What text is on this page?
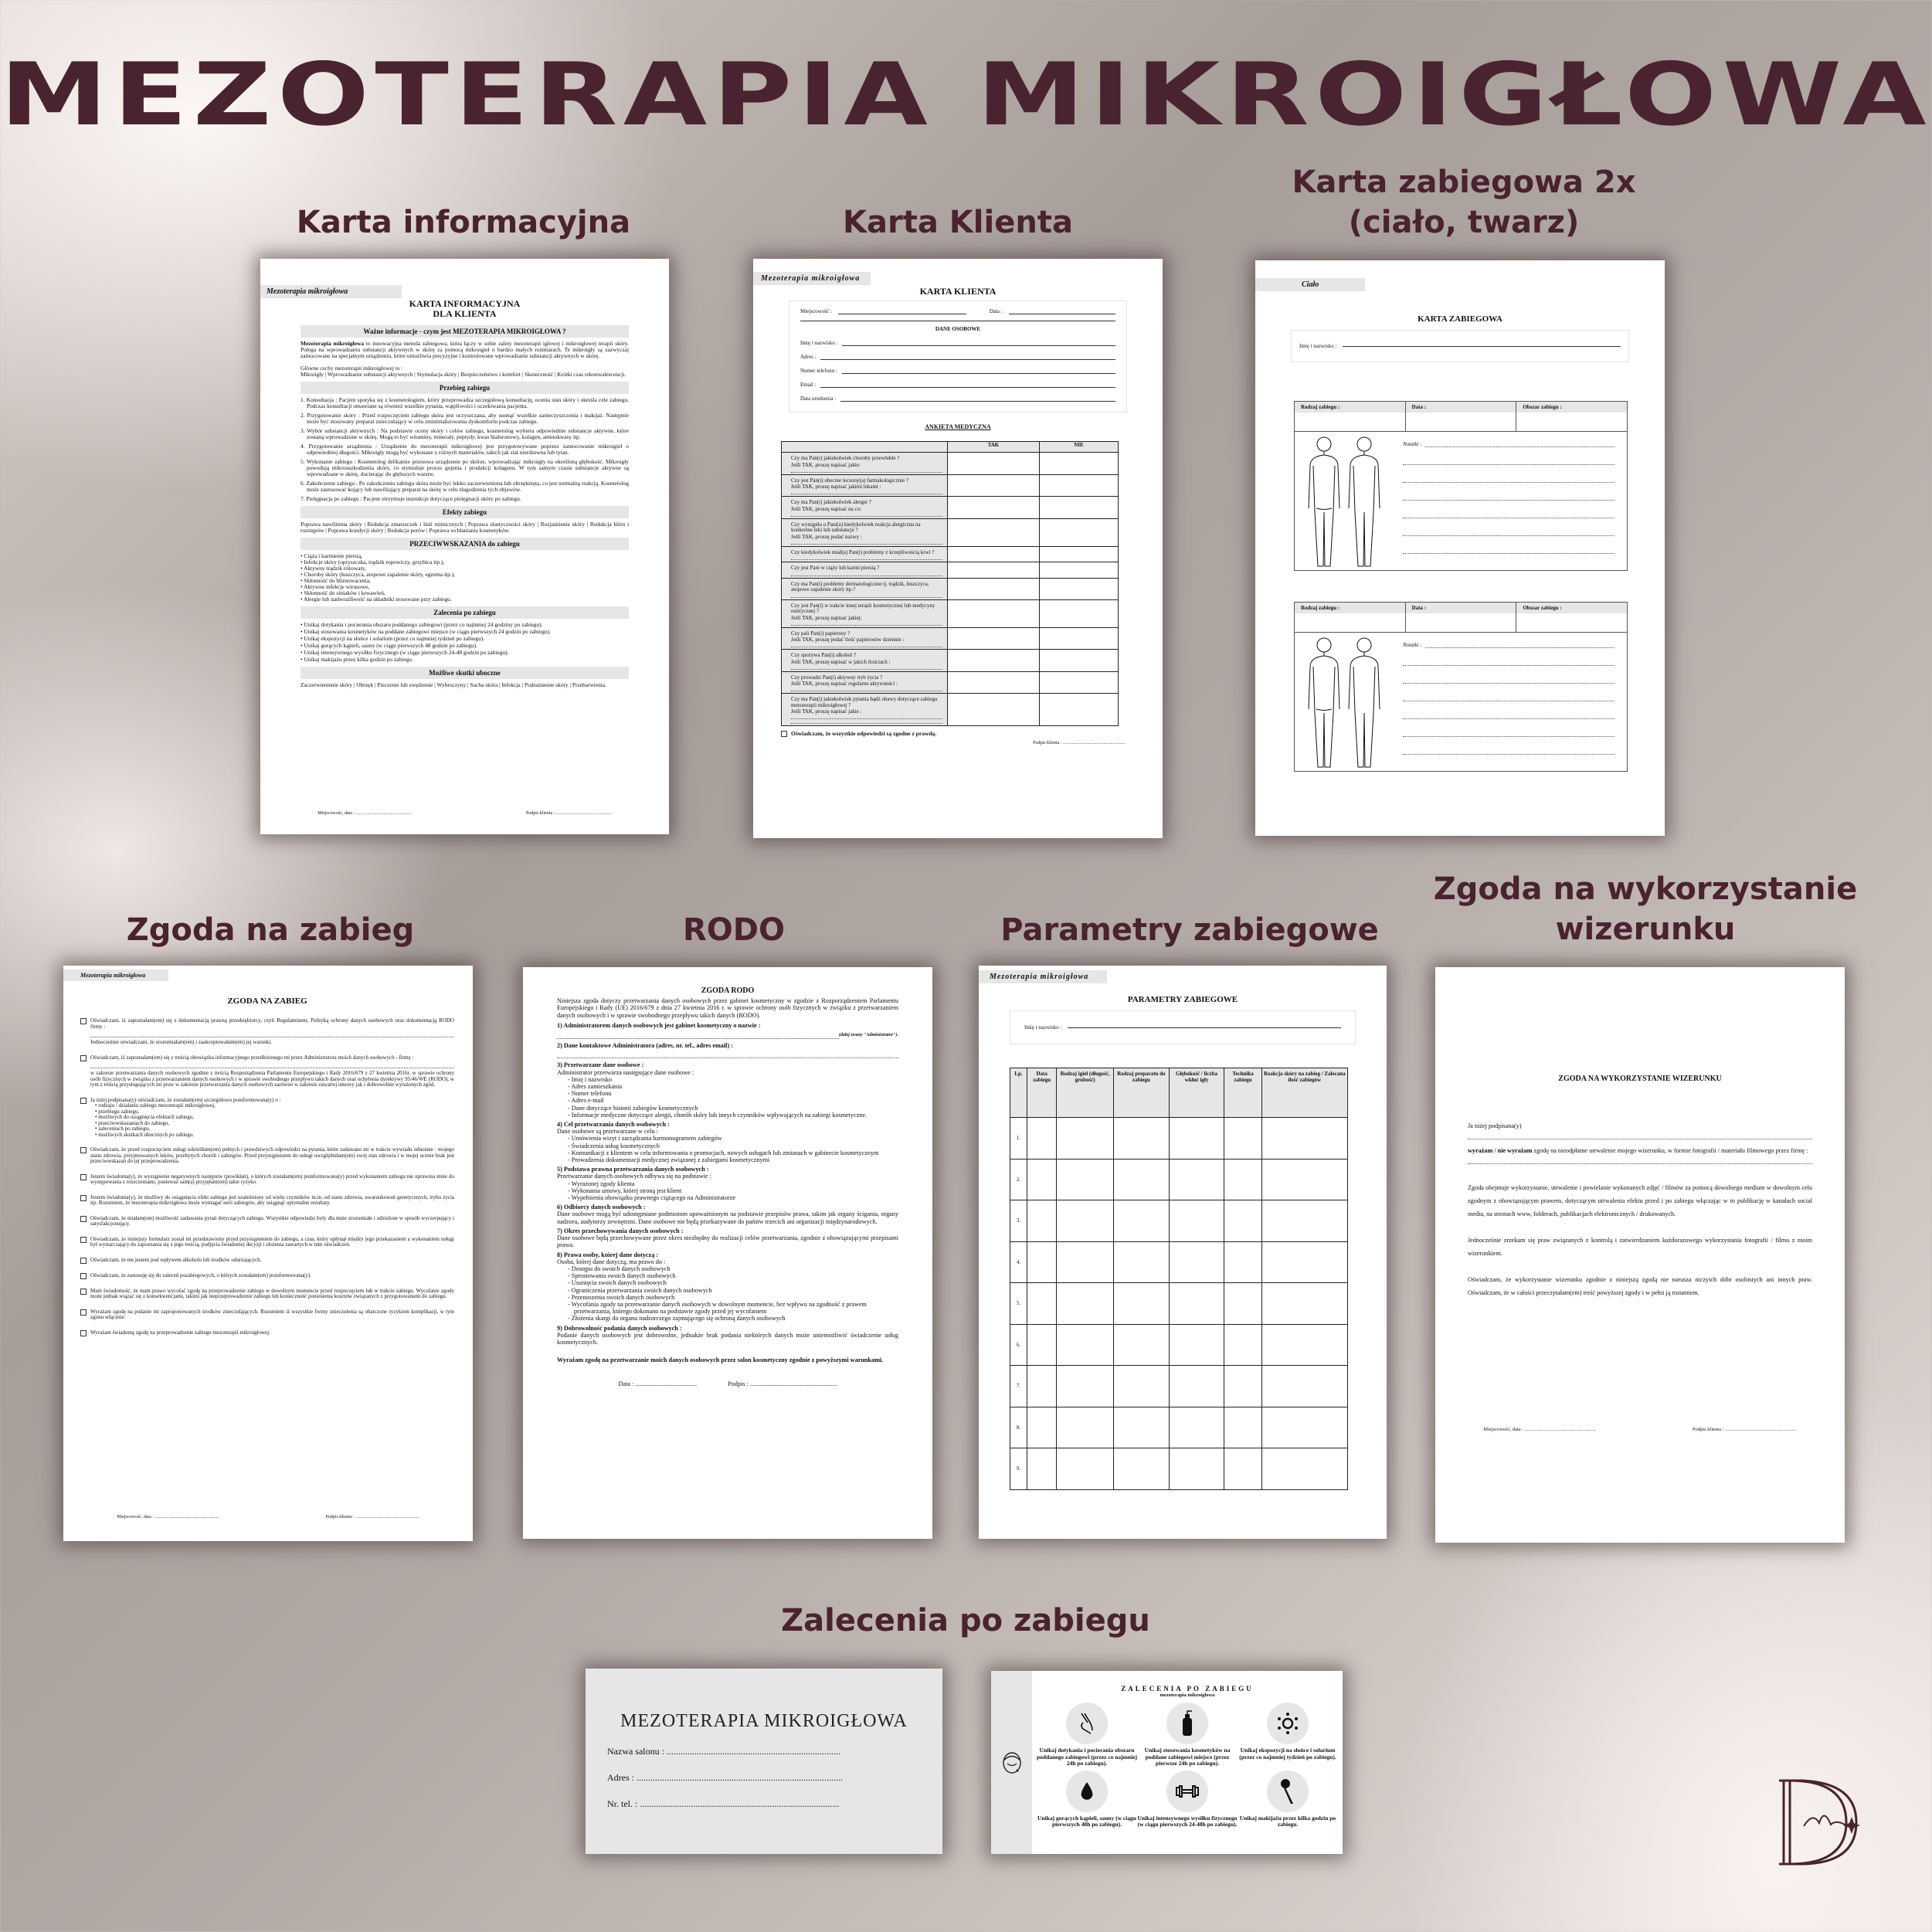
MEZOTERAPIA MIKROIGŁOWA
Karta informacyjna	Karta Klienta
Karta zabiegowa 2x (ciało, twarz)
Zgoda na zabieg	RODO	Parametry zabiegowe
Zgoda na wykorzystanie wizerunku
Zalecenia po zabiegu
Mezoterapia mikroigłowa
KARTA INFORMACYJNA
DLA KLIENTA
Ważne informacje - czym jest MEZOTERAPIA MIKROIGŁOWA ?
Mezoterapia mikroigłowa to innowacyjna metoda zabiegowa, która łączy w sobie zalety mezoterapii igłowej i mikroigłowej terapii skóry. Polega na wprowadzaniu substancji aktywnych w skórę za pomocą mikroigieł o bardzo małych rozmiarach. Te mikroigły są zazwyczaj zamocowane na specjalnym urządzeniu, które umożliwia precyzyjne i kontrolowane wprowadzanie substancji aktywnych w skórę.
Główne cechy mezoterapii mikroigłowej to :
Mikroigły | Wprowadzanie substancji aktywnych | Stymulacja skóry | Bezpieczeństwo i komfort | Skuteczność | Krótki czas rekonwalescencji.
Przebieg zabiegu
1. Konsultacja : Pacjent spotyka się z kosmetologiem, który przeprowadza szczegółową konsultację, ocenia stan skóry i określa cele zabiegu. Podczas konsultacji omawiane są również wszelkie pytania, wątpliwości i oczekiwania pacjenta.
2. Przygotowanie skóry : Przed rozpoczęciem zabiegu skóra jest oczyszczana, aby usunąć wszelkie zanieczyszczenia i makijaż. Następnie może być stosowany preparat znieczulający w celu zminimalizowania dyskomfortu podczas zabiegu.
3. Wybór substancji aktywnych : Na podstawie oceny skóry i celów zabiegu, kosmetolog wybiera odpowiednie substancje aktywne, które zostaną wprowadzone w skórę. Mogą to być witaminy, minerały, peptydy, kwas hialuronowy, kolagen, aminokwasy itp.
4. Przygotowanie urządzenia : Urządzenie do mezoterapii mikroigłowej jest przygotowywane poprzez zamocowanie mikroigieł o odpowiedniej długości. Mikroigły mogą być wykonane z różnych materiałów, takich jak stal nierdzewna lub tytan.
5. Wykonanie zabiegu : Kosmetolog delikatnie przesuwa urządzenie po skórze, wprowadzając mikroigły na określoną głębokość. Mikroigły powodują mikrouszkodzenia skóry, co stymuluje proces gojenia i produkcji kolagenu. W tym samym czasie substancje aktywne są wprowadzane w skórę, docierając do głębszych warstw.
6. Zakończenie zabiegu : Po zakończeniu zabiegu skóra może być lekko zaczerwieniona lub obrzęknięta, co jest normalną reakcją. Kosmetolog może zastosować kojący lub nawilżający preparat na skórę w celu złagodzenia tych objawów.
7. Pielęgnacja po zabiegu : Pacjent otrzymuje instrukcje dotyczące pielęgnacji skóry po zabiegu.
Efekty zabiegu
Poprawa nawilżenia skóry | Redukcja zmarszczek i linii mimicznych | Poprawa elastyczności skóry | Rozjaśnienie skóry | Redukcja blizn i rozstępów | Poprawa kondycji skóry | Redukcja porów | Poprawa wchłaniania kosmetyków.
PRZECIWWSKAZANIA do zabiegu
• Ciąża i karmienie piersią,
• Infekcje skóry (opryszczka, trądzik ropowiczy, grzybica itp.),
• Aktywny trądzik różowaty,
• Choroby skóry (łuszczyca, atopowe zapalenie skóry, egzema itp.),
• Skłonność do bliznowacenia,
• Aktywne infekcje wirusowe,
• Skłonność do siniaków i krwawień,
• Alergie lub nadwrażliwość na składniki stosowane przy zabiegu.
Zalecenia po zabiegu
• Unikaj dotykania i pocierania obszaru poddanego zabiegowi (przez co najmniej 24 godziny po zabiegu).
• Unikaj stosowania kosmetyków na poddane zabiegowi miejsce (w ciągu pierwszych 24 godzin po zabiegu).
• Unikaj ekspozycji na słońce i solarium (przez co najmniej tydzień po zabiegu).
• Unikaj gorących kąpieli, sauny (w ciągu pierwszych 48 godzin po zabiegu).
• Unikaj intensywnego wysiłku fizycznego (w ciągu pierwszych 24-48 godzin po zabiegu).
• Unikaj makijażu przez kilka godzin po zabiegu.
Możliwe skutki uboczne
Zaczerwienienie skóry | Obrzęk | Pieczenie lub swędzenie | Wybroczyny | Sucha skóra | Infekcja | Podrażnienie skóry | Przebarwienia.
Miejscowość, data : ................................................	Podpis klienta : ................................................
Mezoterapia mikroigłowa
KARTA KLIENTA
Miejscowość :	Data :
DANE OSOBOWE
Imię i nazwisko :
Adres :
Numer telefonu :
Email :
Data urodzenia :
ANKIETA MEDYCZNA
	TAK	NIE

Czy ma Pan(i) jakiekolwiek choroby przewlekłe ?
Jeśli TAK, proszę napisać jakie:		

Czy jest Pan(i) obecnie leczony(a) farmakologicznie ?
Jeśli TAK, proszę napisać jakimi lekami :		

Czy ma Pan(i) jakiekolwiek alergie ?
Jeśli TAK, proszę napisać na co:		

Czy wystąpiła u Pani(a) kiedykolwiek reakcja alergiczna na konkretne leki lub substancje ?
Jeśli TAK, proszę podać nazwy :		

Czy kiedykolwiek miał(a) Pan(i) problemy z krzepliwością krwi ?		

Czy jest Pani w ciąży lub karmi piersią ?		

Czy ma Pan(i) problemy dermatologiczne tj. trądzik, łuszczyca, atopowe zapalenie skóry itp.?		

Czy jest Pan(i) w trakcie innej terapii kosmetycznej lub medycyny estetycznej ?
Jeśli TAK, proszę napisać jakiej:		

Czy pali Pan(i) papierosy ?
Jeśli TAK, proszę podać ilość papierosów dziennie :		

Czy spożywa Pan(i) alkohol ?
Jeśli TAK, proszę napisać w jakich ilościach :		

Czy prowadzi Pan(i) aktywny tryb życia ?
Jeśli TAK, proszę napisać regularne aktywności :		

Czy ma Pan(i) jakiekolwiek pytania bądź obawy dotyczące zabiegu mezoterapii mikroigłowej ?
Jeśli TAK, proszę napisać jakie :		

Oświadczam, że wszystkie odpowiedzi są zgodne z prawdą.
Podpis klienta : ......................................................
Ciało
KARTA ZABIEGOWA
Imię i nazwisko :
Rodzaj zabiegu :	Data :	Obszar zabiegu :
Notatki :
Rodzaj zabiegu :	Data :	Obszar zabiegu :
Notatki :
Mezoterapia mikroigłowa
ZGODA NA ZABIEG
Oświadczam, iż zapoznałam(em) się z dokumentacją prawną przedsiębiorcy, czyli Regulaminem, Polityką ochrony danych osobowych oraz dokumentacją RODO firmy :
Jednocześnie oświadczam, że zrozumiałam(em) i zaakceptowałam(em) jej warunki.
Oświadczam, iż zapoznałam(em) się z treścią obowiązku informacyjnego przedłożonego mi przez Administratora moich danych osobowych - firmę :
w zakresie przetwarzania danych osobowych zgodnie z treścią Rozporządzenia Parlamentu Europejskiego i Rady 2016/679 z 27 kwietnia 2016r. w sprawie ochrony osób fizycznych w związku z przetwarzaniem danych osobowych i w sprawie swobodnego przepływu takich danych oraz uchylenia dyrektywy 95/46/WE (RODO), w tym z treścią przysługujących mi praw w zakresie przetwarzania danych osobowych zarówno w zakresie zawartej umowy jak i dobrowolnie wyrażonych zgód.
Ja niżej podpisana(y) oświadczam, że zostałam(em) szczegółowo poinformowana(y) o :
• rodzaju / działaniu zabiegu mezoterapii mikroigłowej,
• przebiegu zabiegu,
• możliwych do osiągnięcia efektach zabiegu,
• przeciwwskazaniach do zabiegu,
• zaleceniach po zabiegu,
• możliwych skutkach ubocznych po zabiegu.
Oświadczam, że przed rozpoczęciem usługi udzieliłam(em) pełnych i prawdziwych odpowiedzi na pytania, które zadawano mi w trakcie wywiadu odnośnie : mojego stanu zdrowia, przyjmowanych leków, przebytych chorób i zabiegów. Przed przystąpieniem do usługi uwzględniłam(em) swój stan zdrowia i w mojej ocenie brak jest przeciwwskazań do jej przeprowadzenia.
Jestem świadoma(y), że wystąpienie negatywnych następstw (powikłań), o których zostałam(em) poinformowana(y) przed wykonaniem zabiegu nie uprawnia mnie do występowania z roszczeniami, ponieważ sam(a) przyjęłam(em) takie ryzyko.
Jestem świadoma(y), że możliwy do osiągnięcia efekt zabiegu jest uzależniony od wielu czynników m.in. od stanu zdrowia, uwarunkowań genetycznych, trybu życia itp. Rozumiem, że mezoterapia mikroigłowa może wymagać serii zabiegów, aby osiągnąć optymalne rezultaty.
Oświadczam, że miałam(em) możliwość zadawania pytań dotyczących zabiegu. Wszystkie odpowiedzi były dla mnie zrozumiałe i udzielone w sposób wyczerpujący i satysfakcjonujący.
Oświadczam, że niniejszy formularz został mi przedstawiony przed przystąpieniem do zabiegu, a czas, który upłynął między jego przekazaniem a wykonaniem usługi był wystarczający do zapoznania się z jego treścią, podjęcia świadomej decyzji i złożenia zawartych w nim oświadczeń.
Oświadczam, że nie jestem pod wpływem alkoholu lub środków odurzających.
Oświadczam, że zastosuję się do zaleceń pozabiegowych, o których zostałam(em) poinformowana(y).
Mam świadomość, że mam prawo wycofać zgodę na przeprowadzenie zabiegu w dowolnym momencie przed rozpoczęciem lub w trakcie zabiegu. Wycofanie zgody może jednak wiązać się z konsekwencjami, takimi jak nieprzeprowadzenie zabiegu lub konieczność poniesienia kosztów związanych z przygotowaniem do zabiegu.
Wyrażam zgodę na podanie mi zaproponowanych środków znieczulających. Rozumiem iż wszystkie formy znieczulenia są obarczone ryzykiem komplikacji, w tym zgonu włącznie.
Wyrażam świadomą zgodę na przeprowadzenie zabiegu mezoterapii mikroigłowej.
Miejscowość, data : .......................................................	Podpis klienta : .......................................................
ZGODA RODO
Niniejsza zgoda dotyczy przetwarzania danych osobowych przez gabinet kosmetyczny w zgodzie z Rozporządzeniem Parlamentu Europejskiego i Rady (UE) 2016/679 z dnia 27 kwietnia 2016 r. w sprawie ochrony osób fizycznych w związku z przetwarzaniem danych osobowych i w sprawie swobodnego przepływu takich danych (RODO).
1) Administratorem danych osobowych jest gabinet kosmetyczny o nazwie :
(dalej zwany "Administrator").
2) Dane kontaktowe Administratora (adres, nr. tel., adres email) :
3) Przetwarzane dane osobowe :
Administrator przetwarza następujące dane osobowe :
- Imię i nazwisko
- Adres zamieszkania
- Numer telefonu
- Adres e-mail
- Dane dotyczące historii zabiegów kosmetycznych
- Informacje medyczne dotyczące alergii, chorób skóry lub innych czynników wpływających na zabiegi kosmetyczne.
4) Cel przetwarzania danych osobowych :
Dane osobowe są przetwarzane w celu :
- Umówienia wizyt i zarządzania harmonogramem zabiegów
- Świadczenia usług kosmetycznych
- Komunikacji z klientem w celu informowania o promocjach, nowych usługach lub zmianach w gabinecie kosmetycznym
- Prowadzenia dokumentacji medycznej związanej z zabiegami kosmetycznymi
5) Podstawa prawna przetwarzania danych osobowych :
Przetwarzanie danych osobowych odbywa się na podstawie :
- Wyrażonej zgody klienta
- Wykonania umowy, której stroną jest klient
- Wypełnienia obowiązku prawnego ciążącego na Administratorze
6) Odbiorcy danych osobowych :
Dane osobowe mogą być udostępniane podmiotom upoważnionym na podstawie przepisów prawa, takim jak organy ścigania, organy nadzoru, audytorzy zewnętrzni. Dane osobowe nie będą przekazywane do państw trzecich ani organizacji międzynarodowych.
7) Okres przechowywania danych osobowych :
Dane osobowe będą przechowywane przez okres niezbędny do realizacji celów przetwarzania, zgodnie z obowiązującymi przepisami prawa.
8) Prawa osoby, której dane dotyczą :
Osoba, której dane dotyczą, ma prawo do :
- Dostępu do swoich danych osobowych
- Sprostowania swoich danych osobowych
- Usunięcia swoich danych osobowych
- Ograniczenia przetwarzania swoich danych osobowych
- Przenoszenia swoich danych osobowych
- Wycofania zgody na przetwarzanie danych osobowych w dowolnym momencie, bez wpływu na zgodność z prawem przetwarzania, którego dokonano na podstawie zgody przed jej wycofaniem
- Złożenia skargi do organu nadzorczego zajmującego się ochroną danych osobowych
9) Dobrowolność podania danych osobowych :
Podanie danych osobowych jest dobrowolne, jednakże brak podania niektórych danych może uniemożliwić świadczenie usług kosmetycznych.
Wyrażam zgodę na przetwarzanie moich danych osobowych przez salon kosmetyczny zgodnie z powyższymi warunkami.
Data : .......................................	Podpis : .......................................................
Mezoterapia mikroigłowa
PARAMETRY ZABIEGOWE
Imię i nazwisko :
Lp.	Data zabiegu	Rodzaj igieł (długość, grubość)	Rodzaj preparatu do zabiegu	Głębokość / liczba wkłuć igły	Technika zabiegu	Reakcja skóry na zabieg / Zalecana ilość zabiegów
1.						
2.						
3.						
4.						
5.						
6.						
7.						
8.						
9.						
ZGODA NA WYKORZYSTANIE WIZERUNKU
Ja niżej podpisana(y)
wyrażam / nie wyrażam zgodę na nieodpłatne utrwalenie mojego wizerunku, w formie fotografii / materiału filmowego przez firmę :
Zgoda obejmuje wykorzystanie, utrwalenie i powielanie wykonanych zdjęć / filmów za pomocą dowolnego medium w dowolnym celu zgodnym z obowiązującym prawem, dotyczącym utrwalenia efektu przed i po zabiegu włączając w to publikację w kanałach social media, na stronach www, folderach, publikacjach elektronicznych / drukowanych.
Jednocześnie zrzekam się praw związanych z kontrolą i zatwierdzaniem każdorazowego wykorzystania fotografii / filmu z moim wizerunkiem.
Oświadczam, że wykorzystanie wizerunku zgodnie z niniejszą zgodą nie narusza niczyich dóbr osobistych ani innych praw. Oświadczam, że w całości przeczytałam(em) treść powyższej zgody i w pełni ją rozumiem.
Miejscowość, data : .........................................................	Podpis klienta : .........................................................
MEZOTERAPIA MIKROIGŁOWA
Nazwa salonu : ...........................................................................
Adres : .........................................................................................
Nr. tel. : ......................................................................................
ZALECENIA PO ZABIEGU
mezoterapia mikroigłowa
Unikaj dotykania i pocierania obszaru poddanego zabiegowi (przez co najmniej 24h po zabiegu).
Unikaj stosowania kosmetyków na poddane zabiegowi miejsce (przez pierwsze 24h po zabiegu).
Unikaj ekspozycji na słońce i solarium (przez co najmniej tydzień po zabiegu).
Unikaj gorących kąpieli, sauny (w ciągu pierwszych 48h po zabiegu).
Unikaj intensywnego wysiłku fizycznego (w ciągu pierwszych 24-48h po zabiegu).
Unikaj makijażu przez kilka godzin po zabiegu.
